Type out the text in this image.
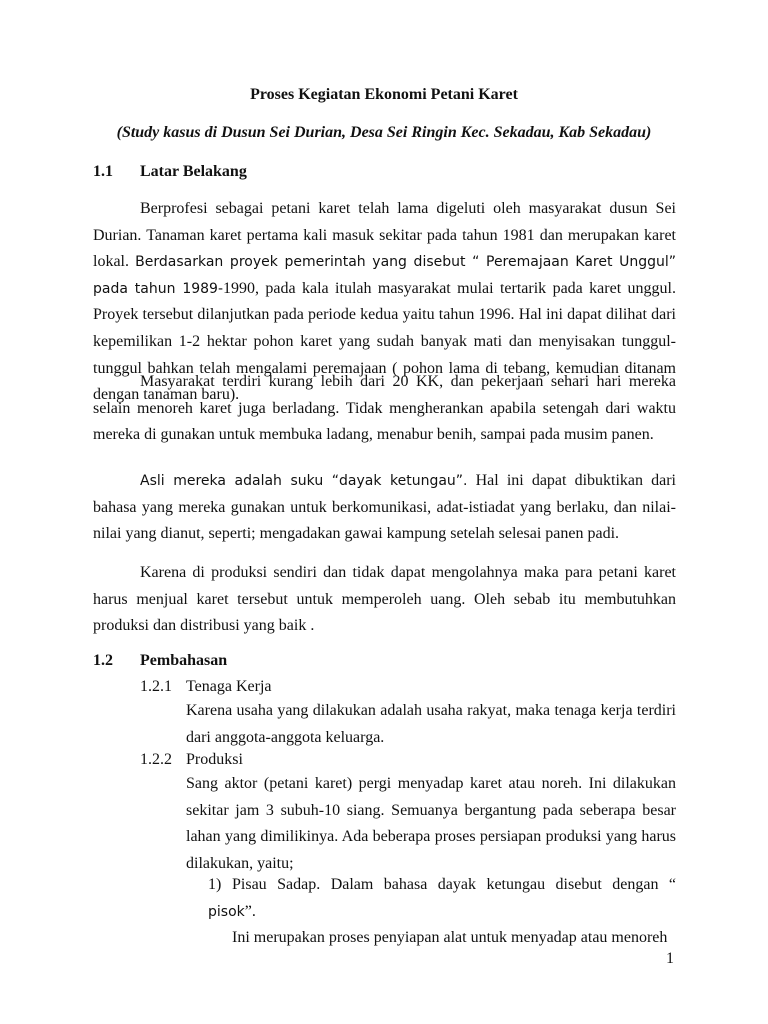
Proses Kegiatan Ekonomi Petani Karet
(Study kasus di Dusun Sei Durian, Desa Sei Ringin Kec. Sekadau, Kab Sekadau)
1.1 Latar Belakang
Berprofesi sebagai petani karet telah lama digeluti oleh masyarakat dusun Sei Durian. Tanaman karet pertama kali masuk sekitar pada tahun 1981 dan merupakan karet lokal. Berdasarkan proyek pemerintah yang disebut “ Peremajaan Karet Unggul” pada tahun 1989-1990, pada kala itulah masyarakat mulai tertarik pada karet unggul. Proyek tersebut dilanjutkan pada periode kedua yaitu tahun 1996. Hal ini dapat dilihat dari kepemilikan 1-2 hektar pohon karet yang sudah banyak mati dan menyisakan tunggul-tunggul bahkan telah mengalami peremajaan ( pohon lama di tebang, kemudian ditanam dengan tanaman baru).
Masyarakat terdiri kurang lebih dari 20 KK, dan pekerjaan sehari hari mereka selain menoreh karet juga berladang. Tidak mengherankan apabila setengah dari waktu mereka di gunakan untuk membuka ladang, menabur benih, sampai pada musim panen.
Asli mereka adalah suku “dayak ketungau”. Hal ini dapat dibuktikan dari bahasa yang mereka gunakan untuk berkomunikasi, adat-istiadat yang berlaku, dan nilai-nilai yang dianut, seperti; mengadakan gawai kampung setelah selesai panen padi.
Karena di produksi sendiri dan tidak dapat mengolahnya maka para petani karet harus menjual karet tersebut untuk memperoleh uang. Oleh sebab itu membutuhkan produksi dan distribusi yang baik .
1.2 Pembahasan
1.2.1 Tenaga Kerja
Karena usaha yang dilakukan adalah usaha rakyat, maka tenaga kerja terdiri dari anggota-anggota keluarga.
1.2.2 Produksi
Sang aktor (petani karet) pergi menyadap karet atau noreh. Ini dilakukan sekitar jam 3 subuh-10 siang. Semuanya bergantung pada seberapa besar lahan yang dimilikinya. Ada beberapa proses persiapan produksi yang harus dilakukan, yaitu;
1) Pisau Sadap. Dalam bahasa dayak ketungau disebut dengan “ pisok”.
Ini merupakan proses penyiapan alat untuk menyadap atau menoreh
1
